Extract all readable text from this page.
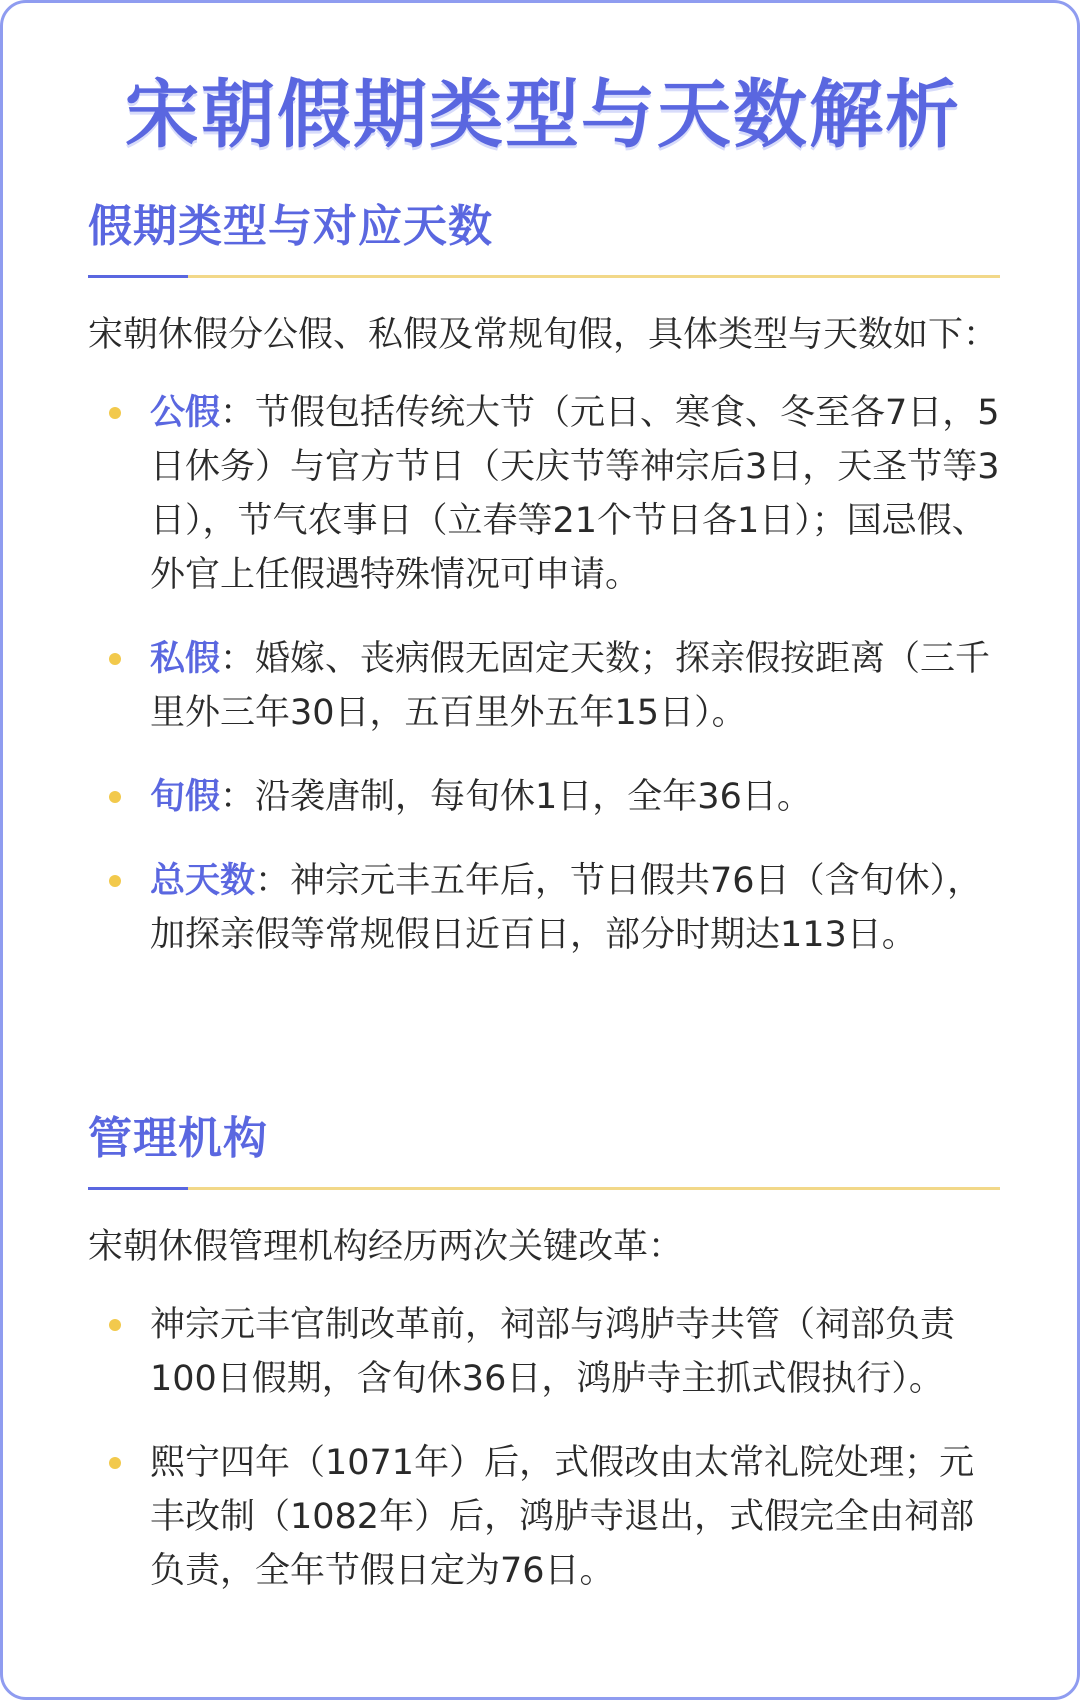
宋朝假期类型与天数解析
假期类型与对应天数

宋朝休假分公假、私假及常规旬假，具体类型与天数如下：

公假：节假包括传统大节（元日、寒食、冬至各7日，5日休务）与官方节日（天庆节等神宗后3日，天圣节等3日），节气农事日（立春等21个节日各1日）；国忌假、外官上任假遇特殊情况可申请。
私假：婚嫁、丧病假无固定天数；探亲假按距离（三千里外三年30日，五百里外五年15日）。
旬假：沿袭唐制，每旬休1日，全年36日。
总天数：神宗元丰五年后，节日假共76日（含旬休），加探亲假等常规假日近百日，部分时期达113日。
管理机构

宋朝休假管理机构经历两次关键改革：

神宗元丰官制改革前，祠部与鸿胪寺共管（祠部负责100日假期，含旬休36日，鸿胪寺主抓式假执行）。
熙宁四年（1071年）后，式假改由太常礼院处理；元丰改制（1082年）后，鸿胪寺退出，式假完全由祠部负责，全年节假日定为76日。
